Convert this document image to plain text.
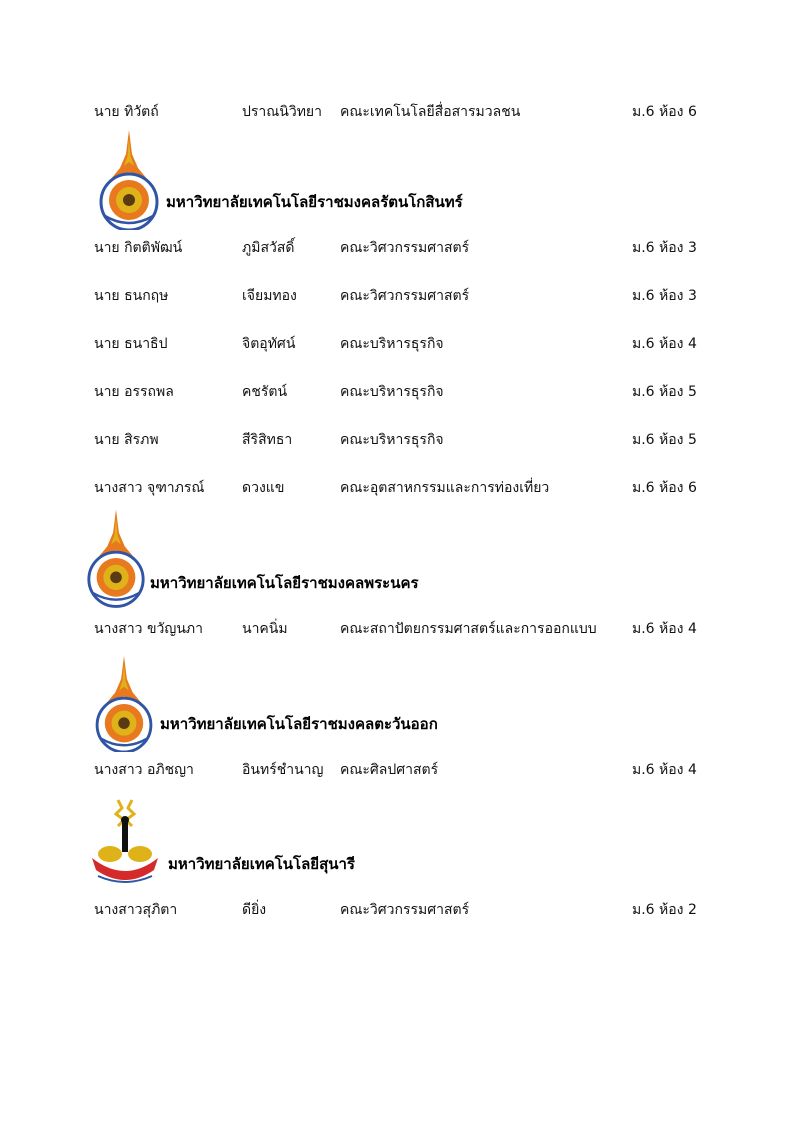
นาย ทิวัตถ์	ปราณนิวิทยา คณะเทคโนโลยีสื่อสารมวลชน	ม.6 ห้อง 6
มหาวิทยาลัยเทคโนโลยีราชมงคลรัตนโกสินทร์
นาย กิตติพัฒน์	ภูมิสวัสดิ์	คณะวิศวกรรมศาสตร์	ม.6 ห้อง 3
นาย ธนกฤษ	เจียมทอง	คณะวิศวกรรมศาสตร์	ม.6 ห้อง 3
นาย ธนาธิป	จิตอุทัศน์	คณะบริหารธุรกิจ	ม.6 ห้อง 4
นาย อรรถพล	คชรัตน์	คณะบริหารธุรกิจ	ม.6 ห้อง 5
นาย สิรภพ	สีริสิทธา	คณะบริหารธุรกิจ	ม.6 ห้อง 5
นางสาว จุฑาภรณ์	ดวงแข	คณะอุตสาหกรรมและการท่องเที่ยว	ม.6 ห้อง 6
มหาวิทยาลัยเทคโนโลยีราชมงคลพระนคร
นางสาว ขวัญนภา	นาคนิ่ม	คณะสถาปัตยกรรมศาสตร์และการออกแบบ	ม.6 ห้อง 4
มหาวิทยาลัยเทคโนโลยีราชมงคลตะวันออก
นางสาว อภิชญา	อินทร์ชำนาญ คณะศิลปศาสตร์	ม.6 ห้อง 4
มหาวิทยาลัยเทคโนโลยีสุนารี
นางสาวสุภิตา	ดียิ่ง	คณะวิศวกรรมศาสตร์	ม.6 ห้อง 2
